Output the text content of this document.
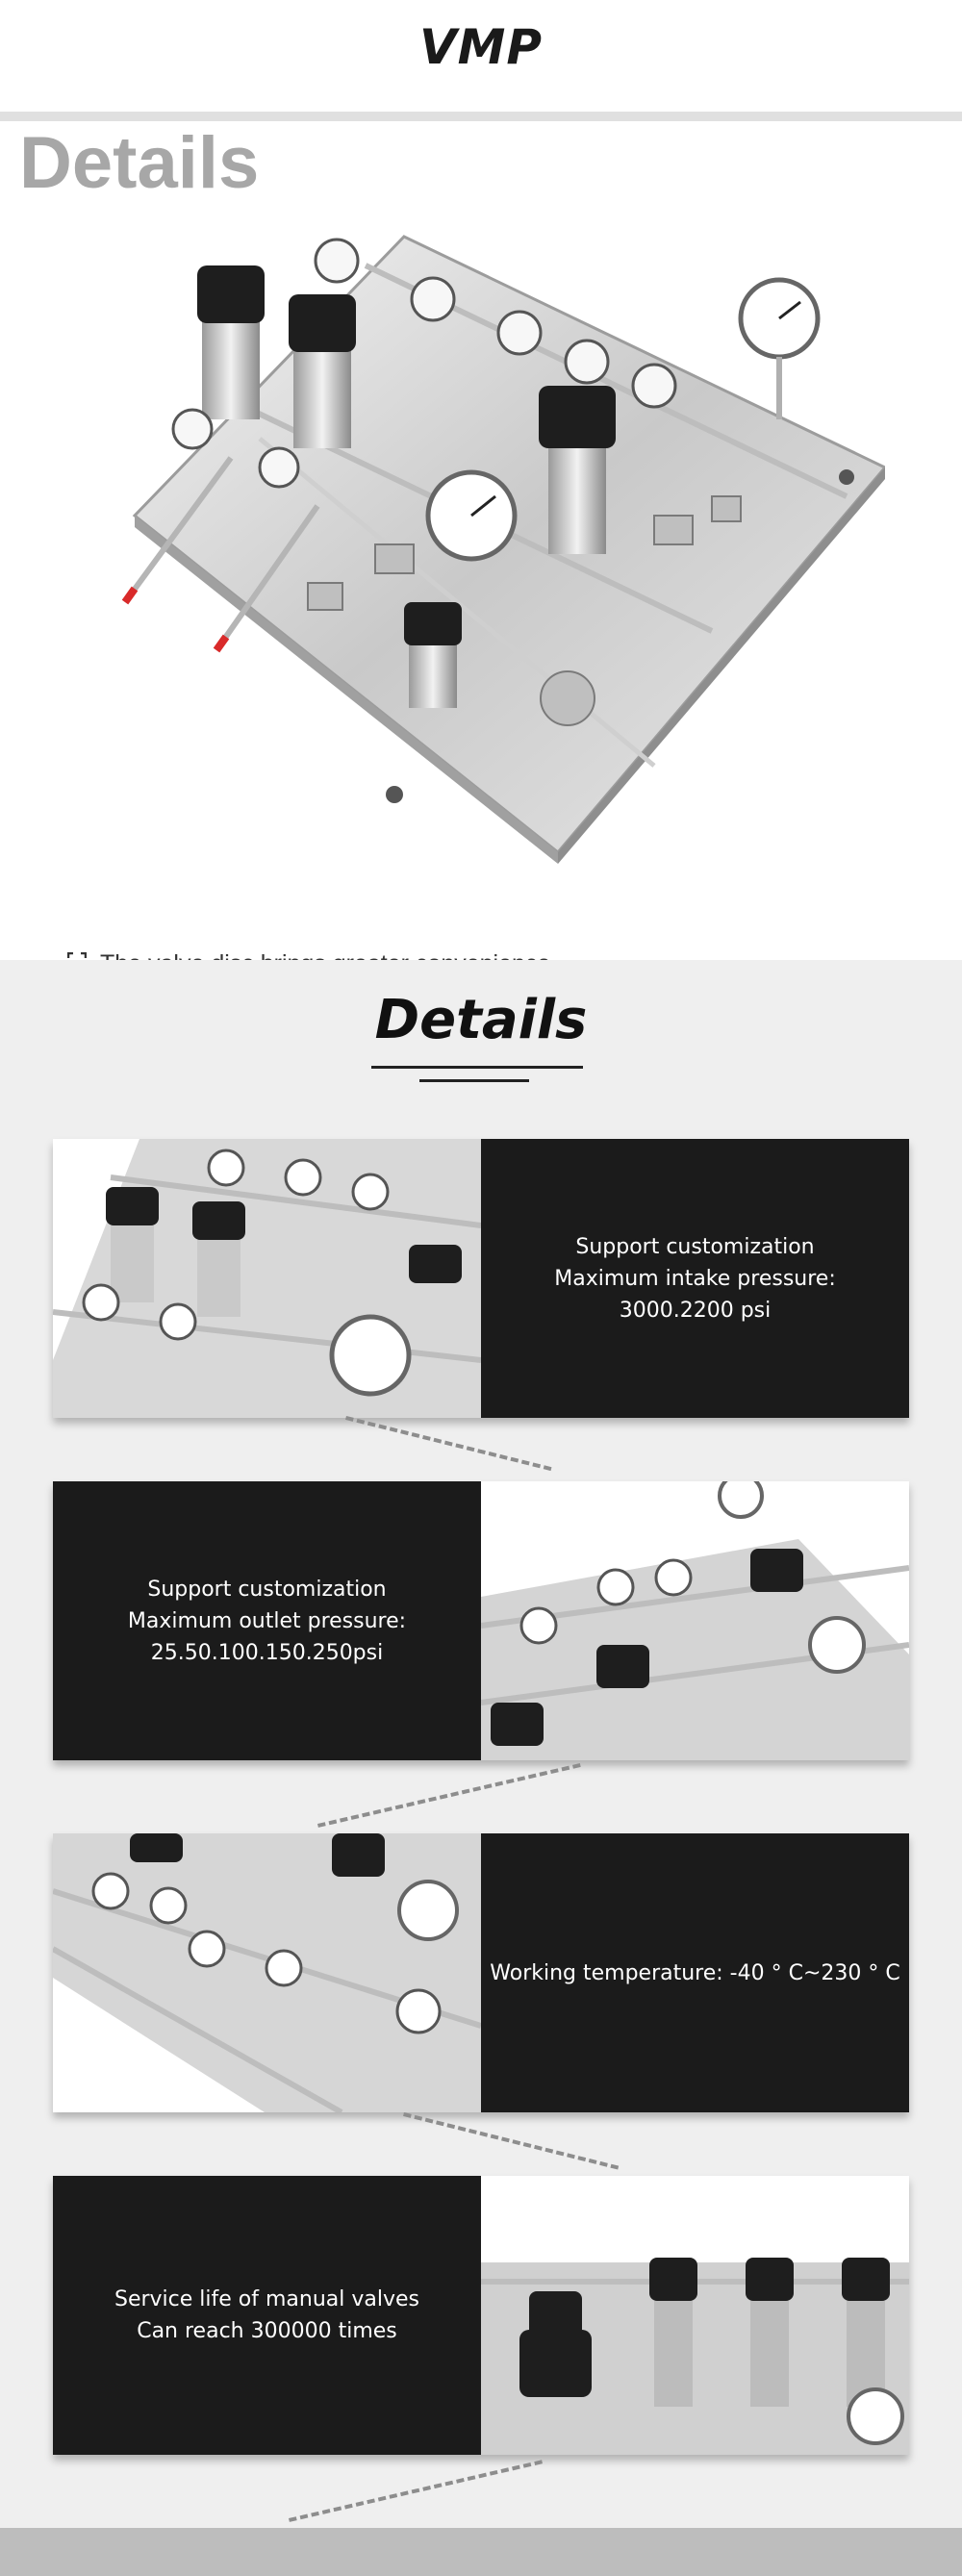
VMP
Details
Details
Support customization
Maximum intake pressure:
3000.2200 psi
Support customization
Maximum outlet pressure:
25.50.100.150.250psi
Working temperature: -40 ° C~230 ° C
Service life of manual valves
Can reach 300000 times
